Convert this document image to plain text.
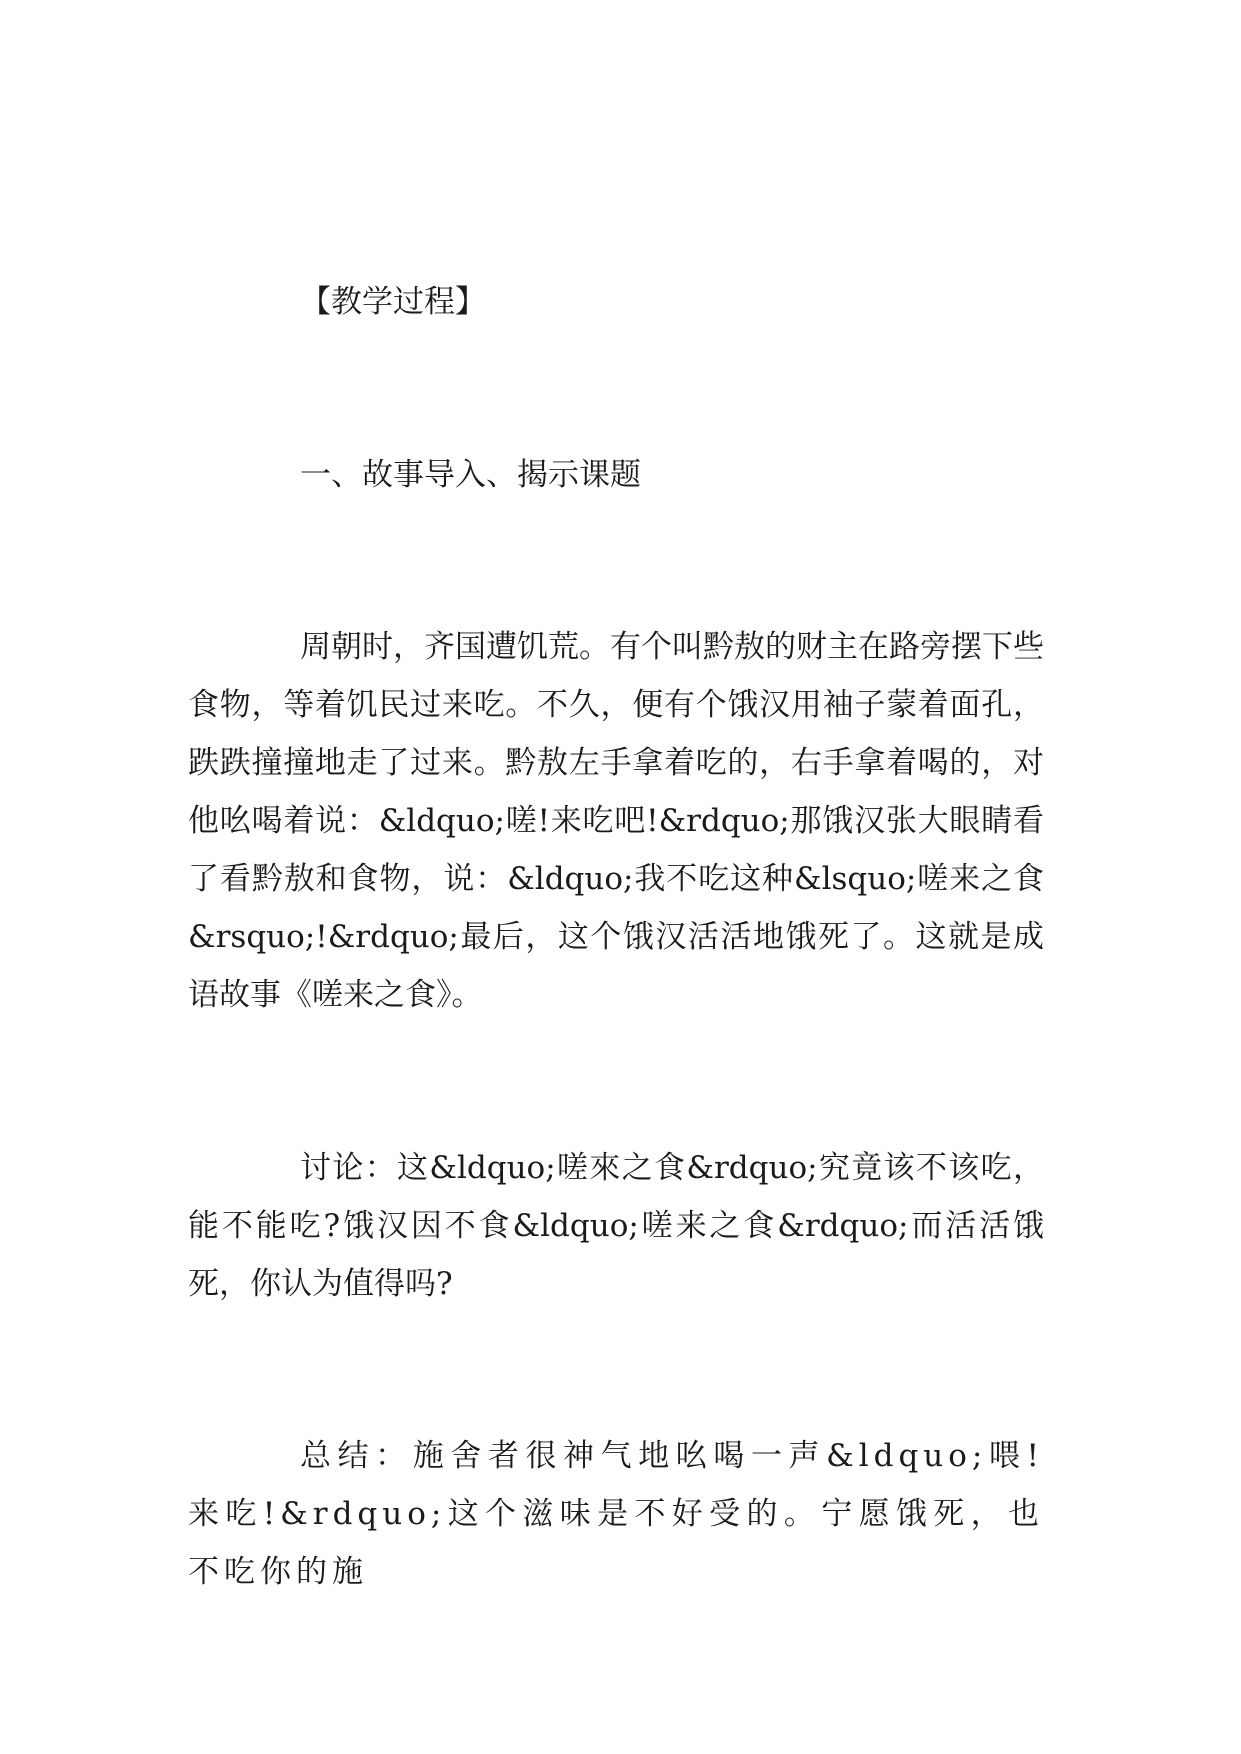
【教学过程】
一、故事导入、揭示课题

周朝时，齐国遭饥荒。有个叫黔敖的财主在路旁摆下些食物，等着饥民过来吃。不久，便有个饿汉用袖子蒙着面孔，跌跌撞撞地走了过来。黔敖左手拿着吃的，右手拿着喝的，对他吆喝着说：&ldquo;嗟!来吃吧!&rdquo;那饿汉张大眼睛看了看黔敖和食物，说：&ldquo;我不吃这种&lsquo;嗟来之食&rsquo;!&rdquo;最后，这个饿汉活活地饿死了。这就是成语故事《嗟来之食》。

讨论：这&ldquo;嗟來之食&rdquo;究竟该不该吃，能不能吃?饿汉因不食&ldquo;嗟来之食&rdquo;而活活饿死，你认为值得吗?

总结：施舍者很神气地吆喝一声&ldquo;喂!来吃!&rdquo;这个滋味是不好受的。宁愿饿死，也不吃你的施
